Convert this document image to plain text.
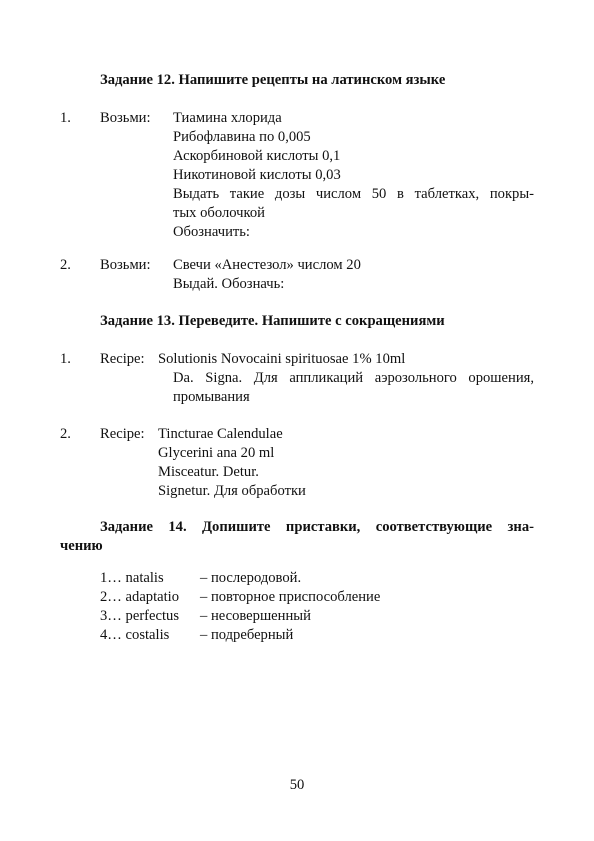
Задание 12. Напишите рецепты на латинском языке
1. Возьми: Тиамина хлорида
Рибофлавина по 0,005
Аскорбиновой кислоты 0,1
Никотиновой кислоты 0,03
Выдать такие дозы числом 50 в таблетках, покры-
тых оболочкой
Обозначить:
2. Возьми: Свечи «Анестезол» числом 20
Выдай. Обозначь:
Задание 13. Переведите. Напишите с сокращениями
1. Recipe: Solutionis Novocaini spirituosae 1% 10ml
Da. Signa. Для аппликаций аэрозольного орошения,
промывания
2. Recipe: Tincturae Calendulae
Glycerini ana 20 ml
Misceatur. Detur.
Signetur. Для обработки
Задание 14. Допишите приставки, соответствующие зна-
чению
1… natalis – послеродовой.
2… adaptatio – повторное приспособление
3… perfectus – несовершенный
4… costalis – подреберный
50
